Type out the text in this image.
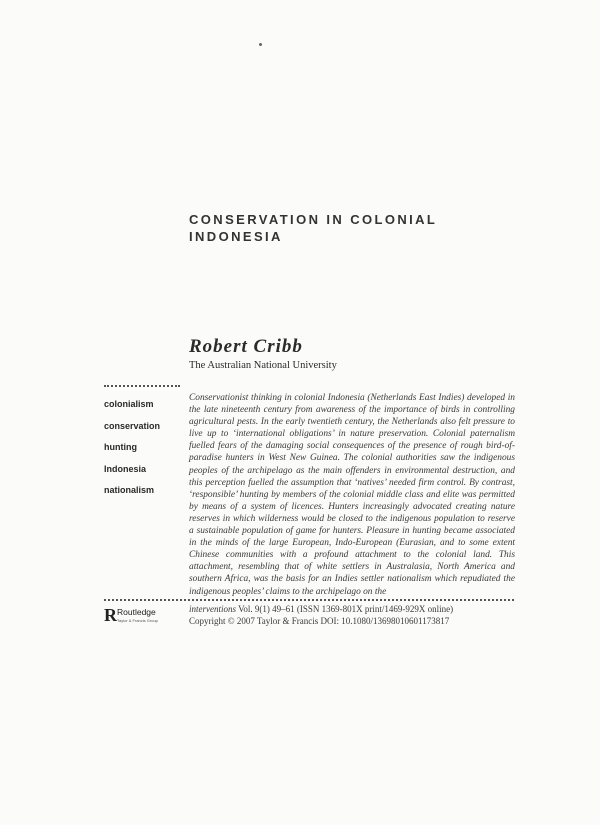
CONSERVATION IN COLONIAL
INDONESIA
Robert Cribb
The Australian National University
colonialism
conservation
hunting
Indonesia
nationalism

Conservationist thinking in colonial Indonesia (Netherlands East Indies) developed in the late nineteenth century from awareness of the importance of birds in controlling agricultural pests. In the early twentieth century, the Netherlands also felt pressure to live up to ‘international obligations’ in nature preservation. Colonial paternalism fuelled fears of the damaging social consequences of the presence of rough bird-of-paradise hunters in West New Guinea. The colonial authorities saw the indigenous peoples of the archipelago as the main offenders in environmental destruction, and this perception fuelled the assumption that ‘natives’ needed firm control. By contrast, ‘responsible’ hunting by members of the colonial middle class and elite was permitted by means of a system of licences. Hunters increasingly advocated creating nature reserves in which wilderness would be closed to the indigenous population to reserve a sustainable population of game for hunters. Pleasure in hunting became associated in the minds of the large European, Indo-European (Eurasian, and to some extent Chinese communities with a profound attachment to the colonial land. This attachment, resembling that of white settlers in Australasia, North America and southern Africa, was the basis for an Indies settler nationalism which repudiated the indigenous peoples’ claims to the archipelago on the

R Routledge
Taylor & Francis Group
interventions Vol. 9(1) 49–61 (ISSN 1369-801X print/1469-929X online)
Copyright © 2007 Taylor & Francis DOI: 10.1080/13698010601173817
